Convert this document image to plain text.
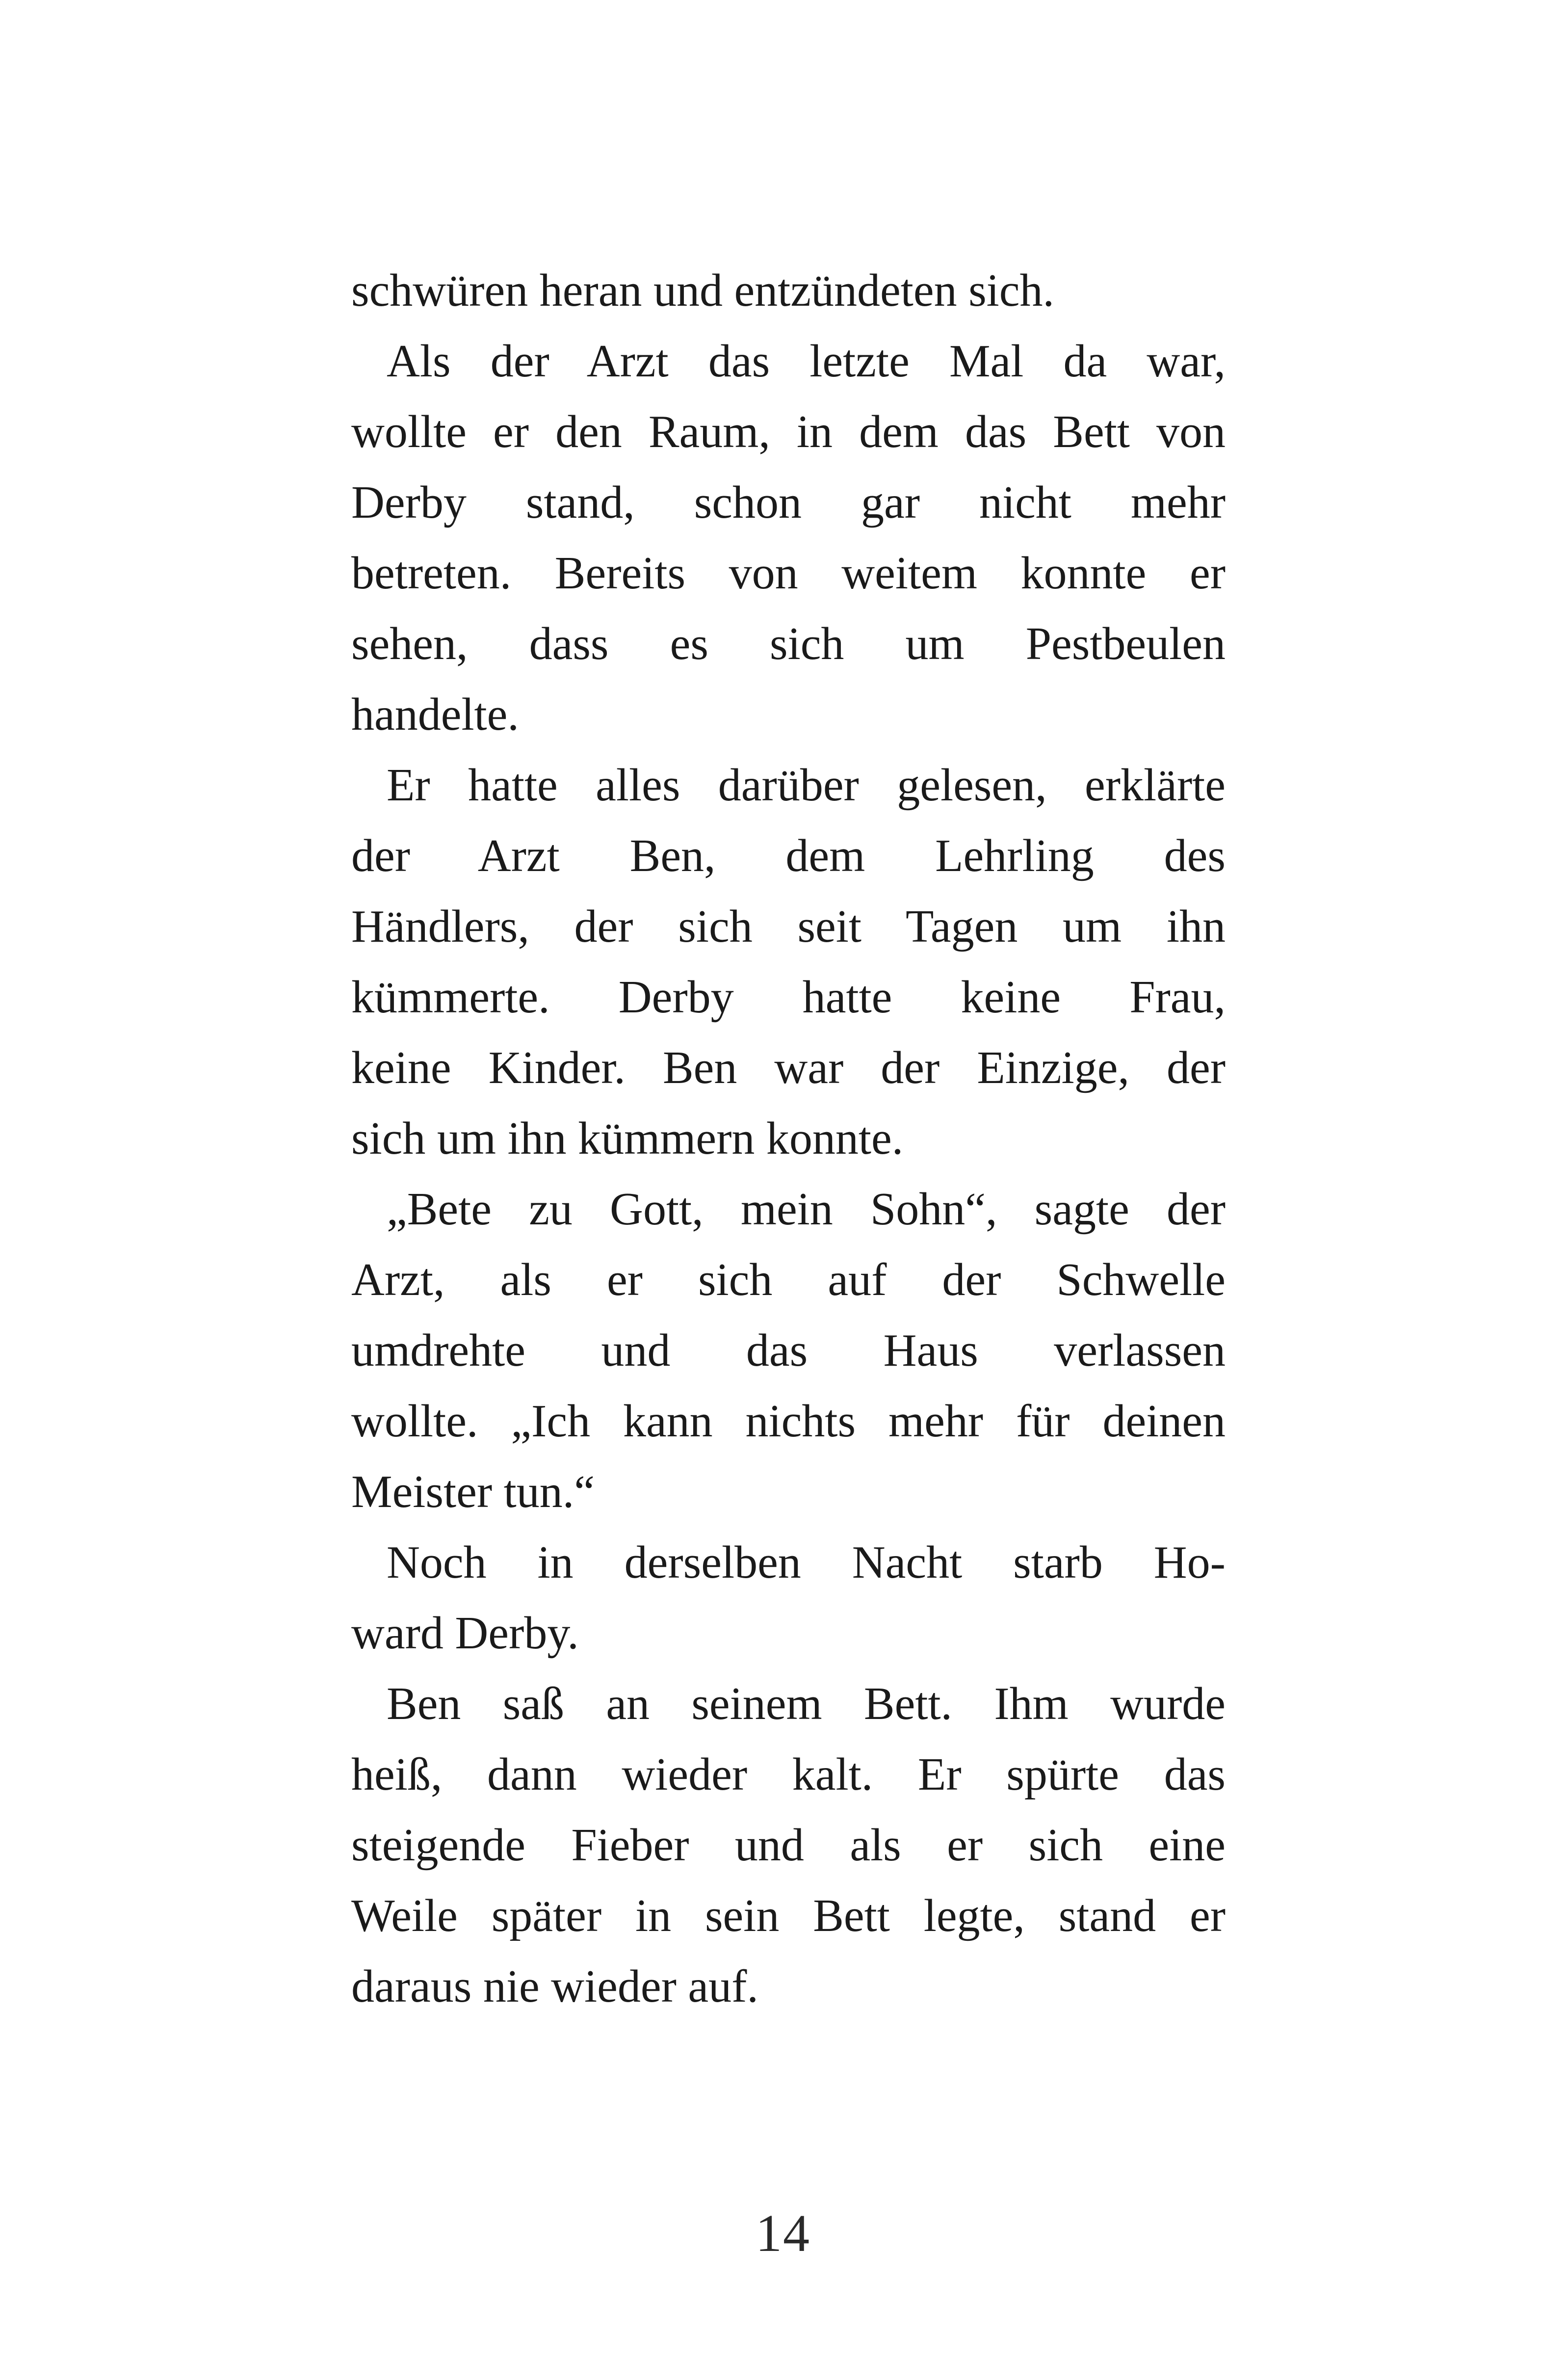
schwüren heran und entzündeten sich.
Als der Arzt das letzte Mal da war,
wollte er den Raum, in dem das Bett von
Derby stand, schon gar nicht mehr
betreten. Bereits von weitem konnte er
sehen, dass es sich um Pestbeulen
handelte.
Er hatte alles darüber gelesen, erklärte
der Arzt Ben, dem Lehrling des
Händlers, der sich seit Tagen um ihn
kümmerte. Derby hatte keine Frau,
keine Kinder. Ben war der Einzige, der
sich um ihn kümmern konnte.
„Bete zu Gott, mein Sohn“, sagte der
Arzt, als er sich auf der Schwelle
umdrehte und das Haus verlassen
wollte. „Ich kann nichts mehr für deinen
Meister tun.“
Noch in derselben Nacht starb Ho-
ward Derby.
Ben saß an seinem Bett. Ihm wurde
heiß, dann wieder kalt. Er spürte das
steigende Fieber und als er sich eine
Weile später in sein Bett legte, stand er
daraus nie wieder auf.
14
